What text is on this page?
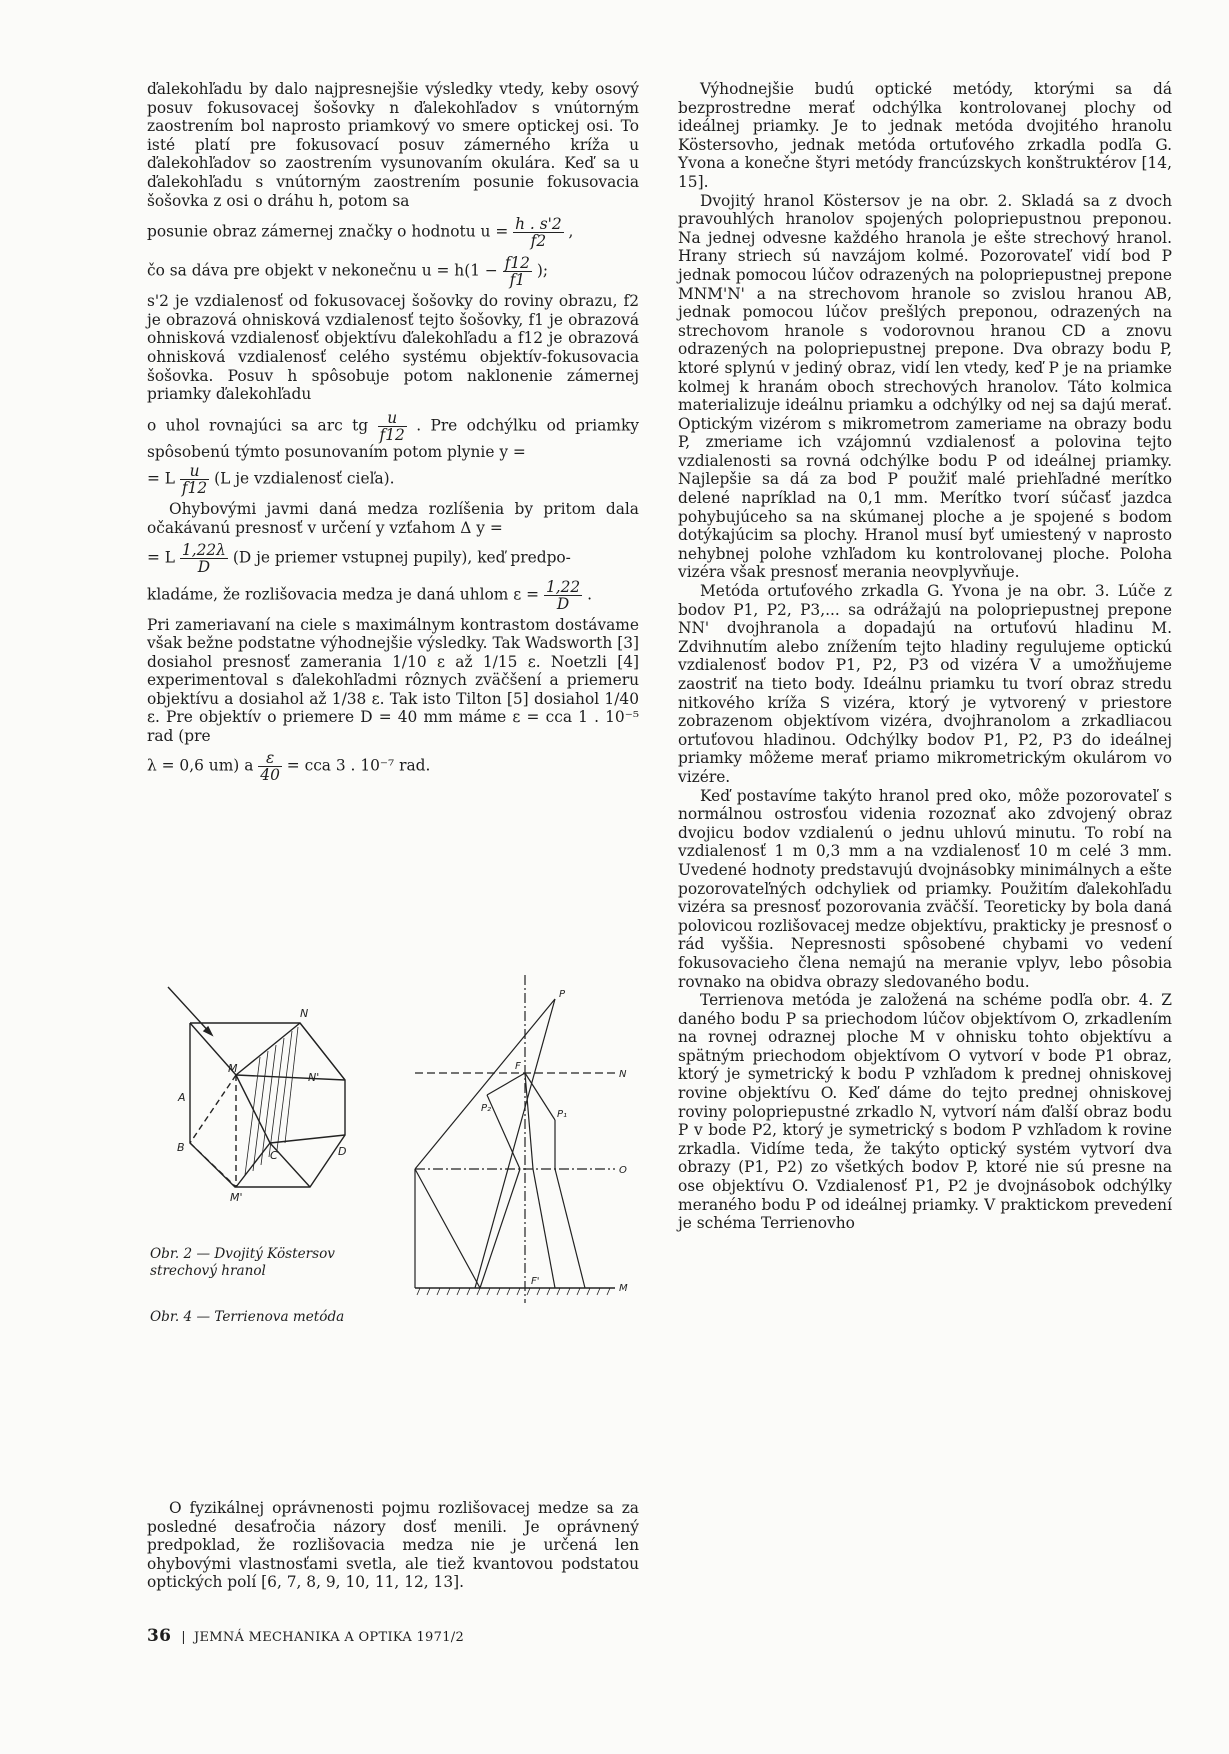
ďalekohľadu by dalo najpresnejšie výsledky vtedy, keby osový posuv fokusovacej šošovky n ďalekohľadov s vnútorným zaostrením bol naprosto priamkový vo smere optickej osi. To isté platí pre fokusovací posuv zámerného kríža u ďalekohľadov so zaostrením vysunovaním okulára. Keď sa u ďalekohľadu s vnútorným zaostrením posunie fokusovacia šošovka z osi o dráhu h, potom sa

posunie obraz zámernej značky o hodnotu $u = \frac{h . s'2}{f2}$ ,

čo sa dáva pre objekt v nekonečnu $u = h(1 - \frac{f12}{f1}$ );

s'2 je vzdialenosť od fokusovacej šošovky do roviny obrazu, f2 je obrazová ohnisková vzdialenosť tejto šošovky, f1 je obrazová ohnisková vzdialenosť objektívu ďalekohľadu a f12 je obrazová ohnisková vzdialenosť celého systému objektív-fokusovacia šošovka. Posuv h spôsobuje potom naklonenie zámernej priamky ďalekohľadu

o uhol rovnajúci sa arc tg $\frac{u}{f12}$ . Pre odchýlku od priamky spôsobenú týmto posunovaním potom plynie y =

= L $\frac{u}{f12} (L$ je vzdialenosť cieľa).

Ohybovými javmi daná medza rozlíšenia by pritom dala očakávanú presnosť v určení y vzťahom Δ y =

= L $\frac{1,22\lambda}{D} (D$ je priemer vstupnej pupily), keď predpo-

kladáme, že rozlišovacia medza je daná uhlom $\varepsilon = \frac{1,22}{D}$ .

Pri zameriavaní na ciele s maximálnym kontrastom dostávame však bežne podstatne výhodnejšie výsledky. Tak Wadsworth [3] dosiahol presnosť zamerania 1/10 ε až 1/15 ε. Noetzli [4] experimentoval s ďalekohľadmi rôznych zväčšení a priemeru objektívu a dosiahol až 1/38 ε. Tak isto Tilton [5] dosiahol 1/40 ε. Pre objektív o priemere D = 40 mm máme ε = cca 1 . 10⁻⁵ rad (pre

λ = 0,6 um) a $\frac{\varepsilon}{40}$ = cca 3 . 10⁻⁷ rad.

A
B
M
M'
N
N'
C	D
Obr. 2 — Dvojitý Köstersov strechový hranol
P
F
N
P₂
P₁
O
F'
M
Obr. 4 — Terrienova metóda

O fyzikálnej oprávnenosti pojmu rozlišovacej medze sa za posledné desaťročia názory dosť menili. Je oprávnený predpoklad, že rozlišovacia medza nie je určená len ohybovými vlastnosťami svetla, ale tiež kvantovou podstatou optických polí [6, 7, 8, 9, 10, 11, 12, 13].

Výhodnejšie budú optické metódy, ktorými sa dá bezprostredne merať odchýlka kontrolovanej plochy od ideálnej priamky. Je to jednak metóda dvojitého hranolu Köstersovho, jednak metóda ortuťového zrkadla podľa G. Yvona a konečne štyri metódy francúzskych konštruktérov [14, 15].

Dvojitý hranol Köstersov je na obr. 2. Skladá sa z dvoch pravouhlých hranolov spojených polopriepustnou preponou. Na jednej odvesne každého hranola je ešte strechový hranol. Hrany striech sú navzájom kolmé. Pozorovateľ vidí bod P jednak pomocou lúčov odrazených na polopriepustnej prepone MNM'N' a na strechovom hranole so zvislou hranou AB, jednak pomocou lúčov prešlých preponou, odrazených na strechovom hranole s vodorovnou hranou CD a znovu odrazených na polopriepustnej prepone. Dva obrazy bodu P, ktoré splynú v jediný obraz, vidí len vtedy, keď P je na priamke kolmej k hranám oboch strechových hranolov. Táto kolmica materializuje ideálnu priamku a odchýlky od nej sa dajú merať. Optickým vizérom s mikrometrom zameriame na obrazy bodu P, zmeriame ich vzájomnú vzdialenosť a polovina tejto vzdialenosti sa rovná odchýlke bodu P od ideálnej priamky. Najlepšie sa dá za bod P použiť malé priehľadné merítko delené napríklad na 0,1 mm. Merítko tvorí súčasť jazdca pohybujúceho sa na skúmanej ploche a je spojené s bodom dotýkajúcim sa plochy. Hranol musí byť umiestený v naprosto nehybnej polohe vzhľadom ku kontrolovanej ploche. Poloha vizéra však presnosť merania neovplyvňuje.

Metóda ortuťového zrkadla G. Yvona je na obr. 3. Lúče z bodov P1, P2, P3,... sa odrážajú na polopriepustnej prepone NN' dvojhranola a dopadajú na ortuťovú hladinu M. Zdvihnutím alebo znížením tejto hladiny regulujeme optickú vzdialenosť bodov P1, P2, P3 od vizéra V a umožňujeme zaostriť na tieto body. Ideálnu priamku tu tvorí obraz stredu nitkového kríža S vizéra, ktorý je vytvorený v priestore zobrazenom objektívom vizéra, dvojhranolom a zrkadliacou ortuťovou hladinou. Odchýlky bodov P1, P2, P3 do ideálnej priamky môžeme merať priamo mikrometrickým okulárom vo vizére.

Keď postavíme takýto hranol pred oko, môže pozorovateľ s normálnou ostrosťou videnia rozoznať ako zdvojený obraz dvojicu bodov vzdialenú o jednu uhlovú minutu. To robí na vzdialenosť 1 m 0,3 mm a na vzdialenosť 10 m celé 3 mm. Uvedené hodnoty predstavujú dvojnásobky minimálnych a ešte pozorovateľných odchyliek od priamky. Použitím ďalekohľadu vizéra sa presnosť pozorovania zväčší. Teoreticky by bola daná polovicou rozlišovacej medze objektívu, prakticky je presnosť o rád vyššia. Nepresnosti spôsobené chybami vo vedení fokusovacieho člena nemajú na meranie vplyv, lebo pôsobia rovnako na obidva obrazy sledovaného bodu.

Terrienova metóda je založená na schéme podľa obr. 4. Z daného bodu P sa priechodom lúčov objektívom O, zrkadlením na rovnej odraznej ploche M v ohnisku tohto objektívu a spätným priechodom objektívom O vytvorí v bode P1 obraz, ktorý je symetrický k bodu P vzhľadom k prednej ohniskovej rovine objektívu O. Keď dáme do tejto prednej ohniskovej roviny polopriepustné zrkadlo N, vytvorí nám ďalší obraz bodu P v bode P2, ktorý je symetrický s bodom P vzhľadom k rovine zrkadla. Vidíme teda, že takýto optický systém vytvorí dva obrazy (P1, P2) zo všetkých bodov P, ktoré nie sú presne na ose objektívu O. Vzdialenosť P1, P2 je dvojnásobok odchýlky meraného bodu P od ideálnej priamky. V praktickom prevedení je schéma Terrienovho

36 | JEMNÁ MECHANIKA A OPTIKA 1971/2
